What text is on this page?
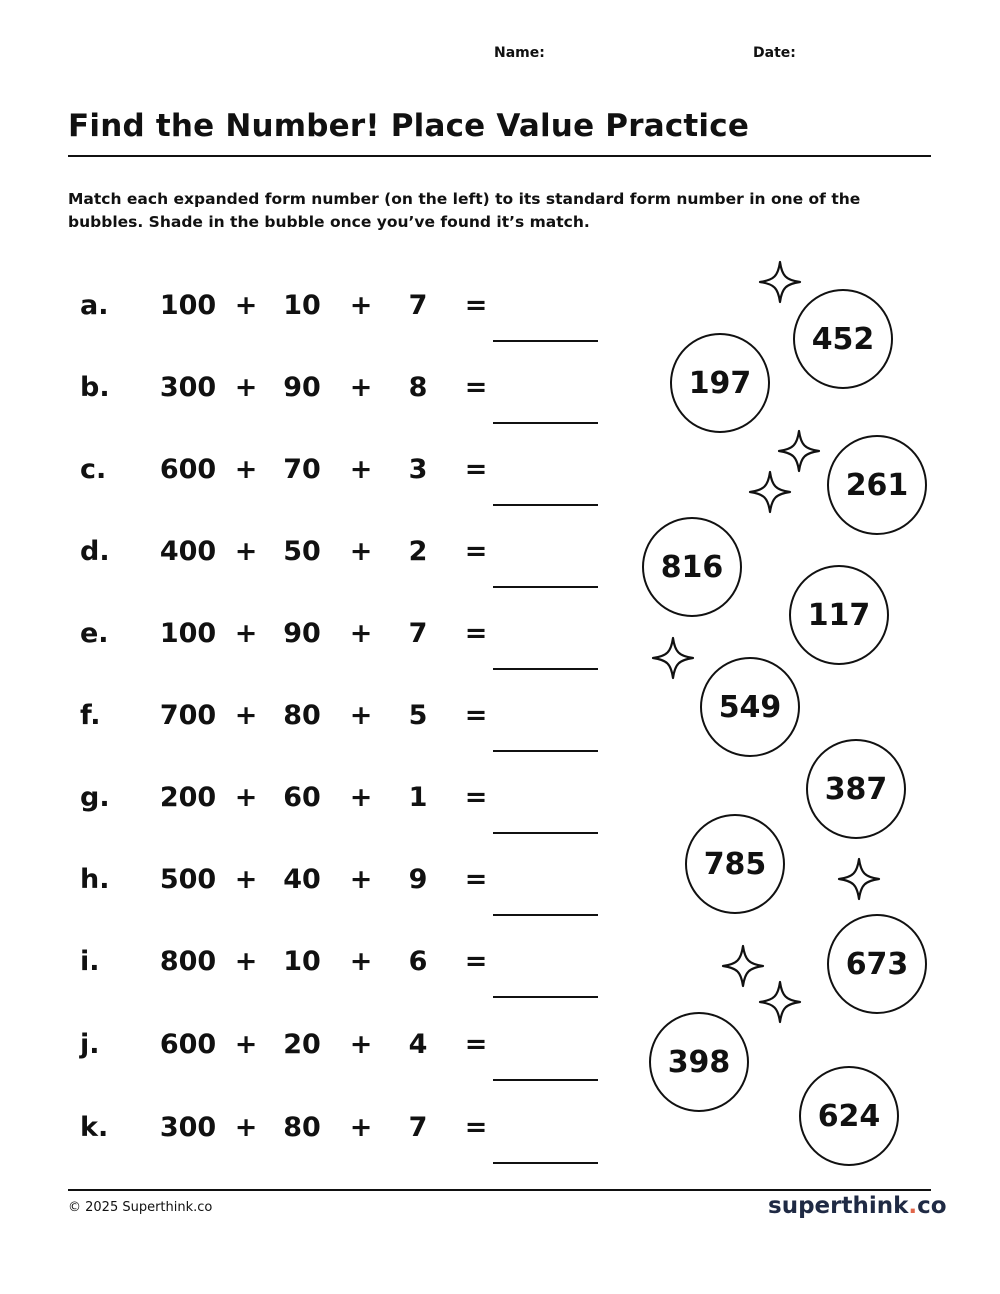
Name:	Date:
Find the Number! Place Value Practice

Match each expanded form number (on the left) to its standard form number in one of the bubbles. Shade in the bubble once you’ve found it’s match.

a.	100 + 10	+	7	=
b.	300 + 90	+	8	=
c.	600 + 70	+	3	=
d.	400 + 50	+	2	=
e.	100 + 90	+	7	=
f.	700 + 80	+	5	=
g.	200 + 60	+	1	=
h.	500 + 40	+	9	=
i.	800 + 10	+	6	=
j.	600 + 20	+	4	=
k.	300 + 80	+	7	=
452
197
261
816
117
549
387
785
673
398
624
© 2025 Superthink.co	superthink.co
